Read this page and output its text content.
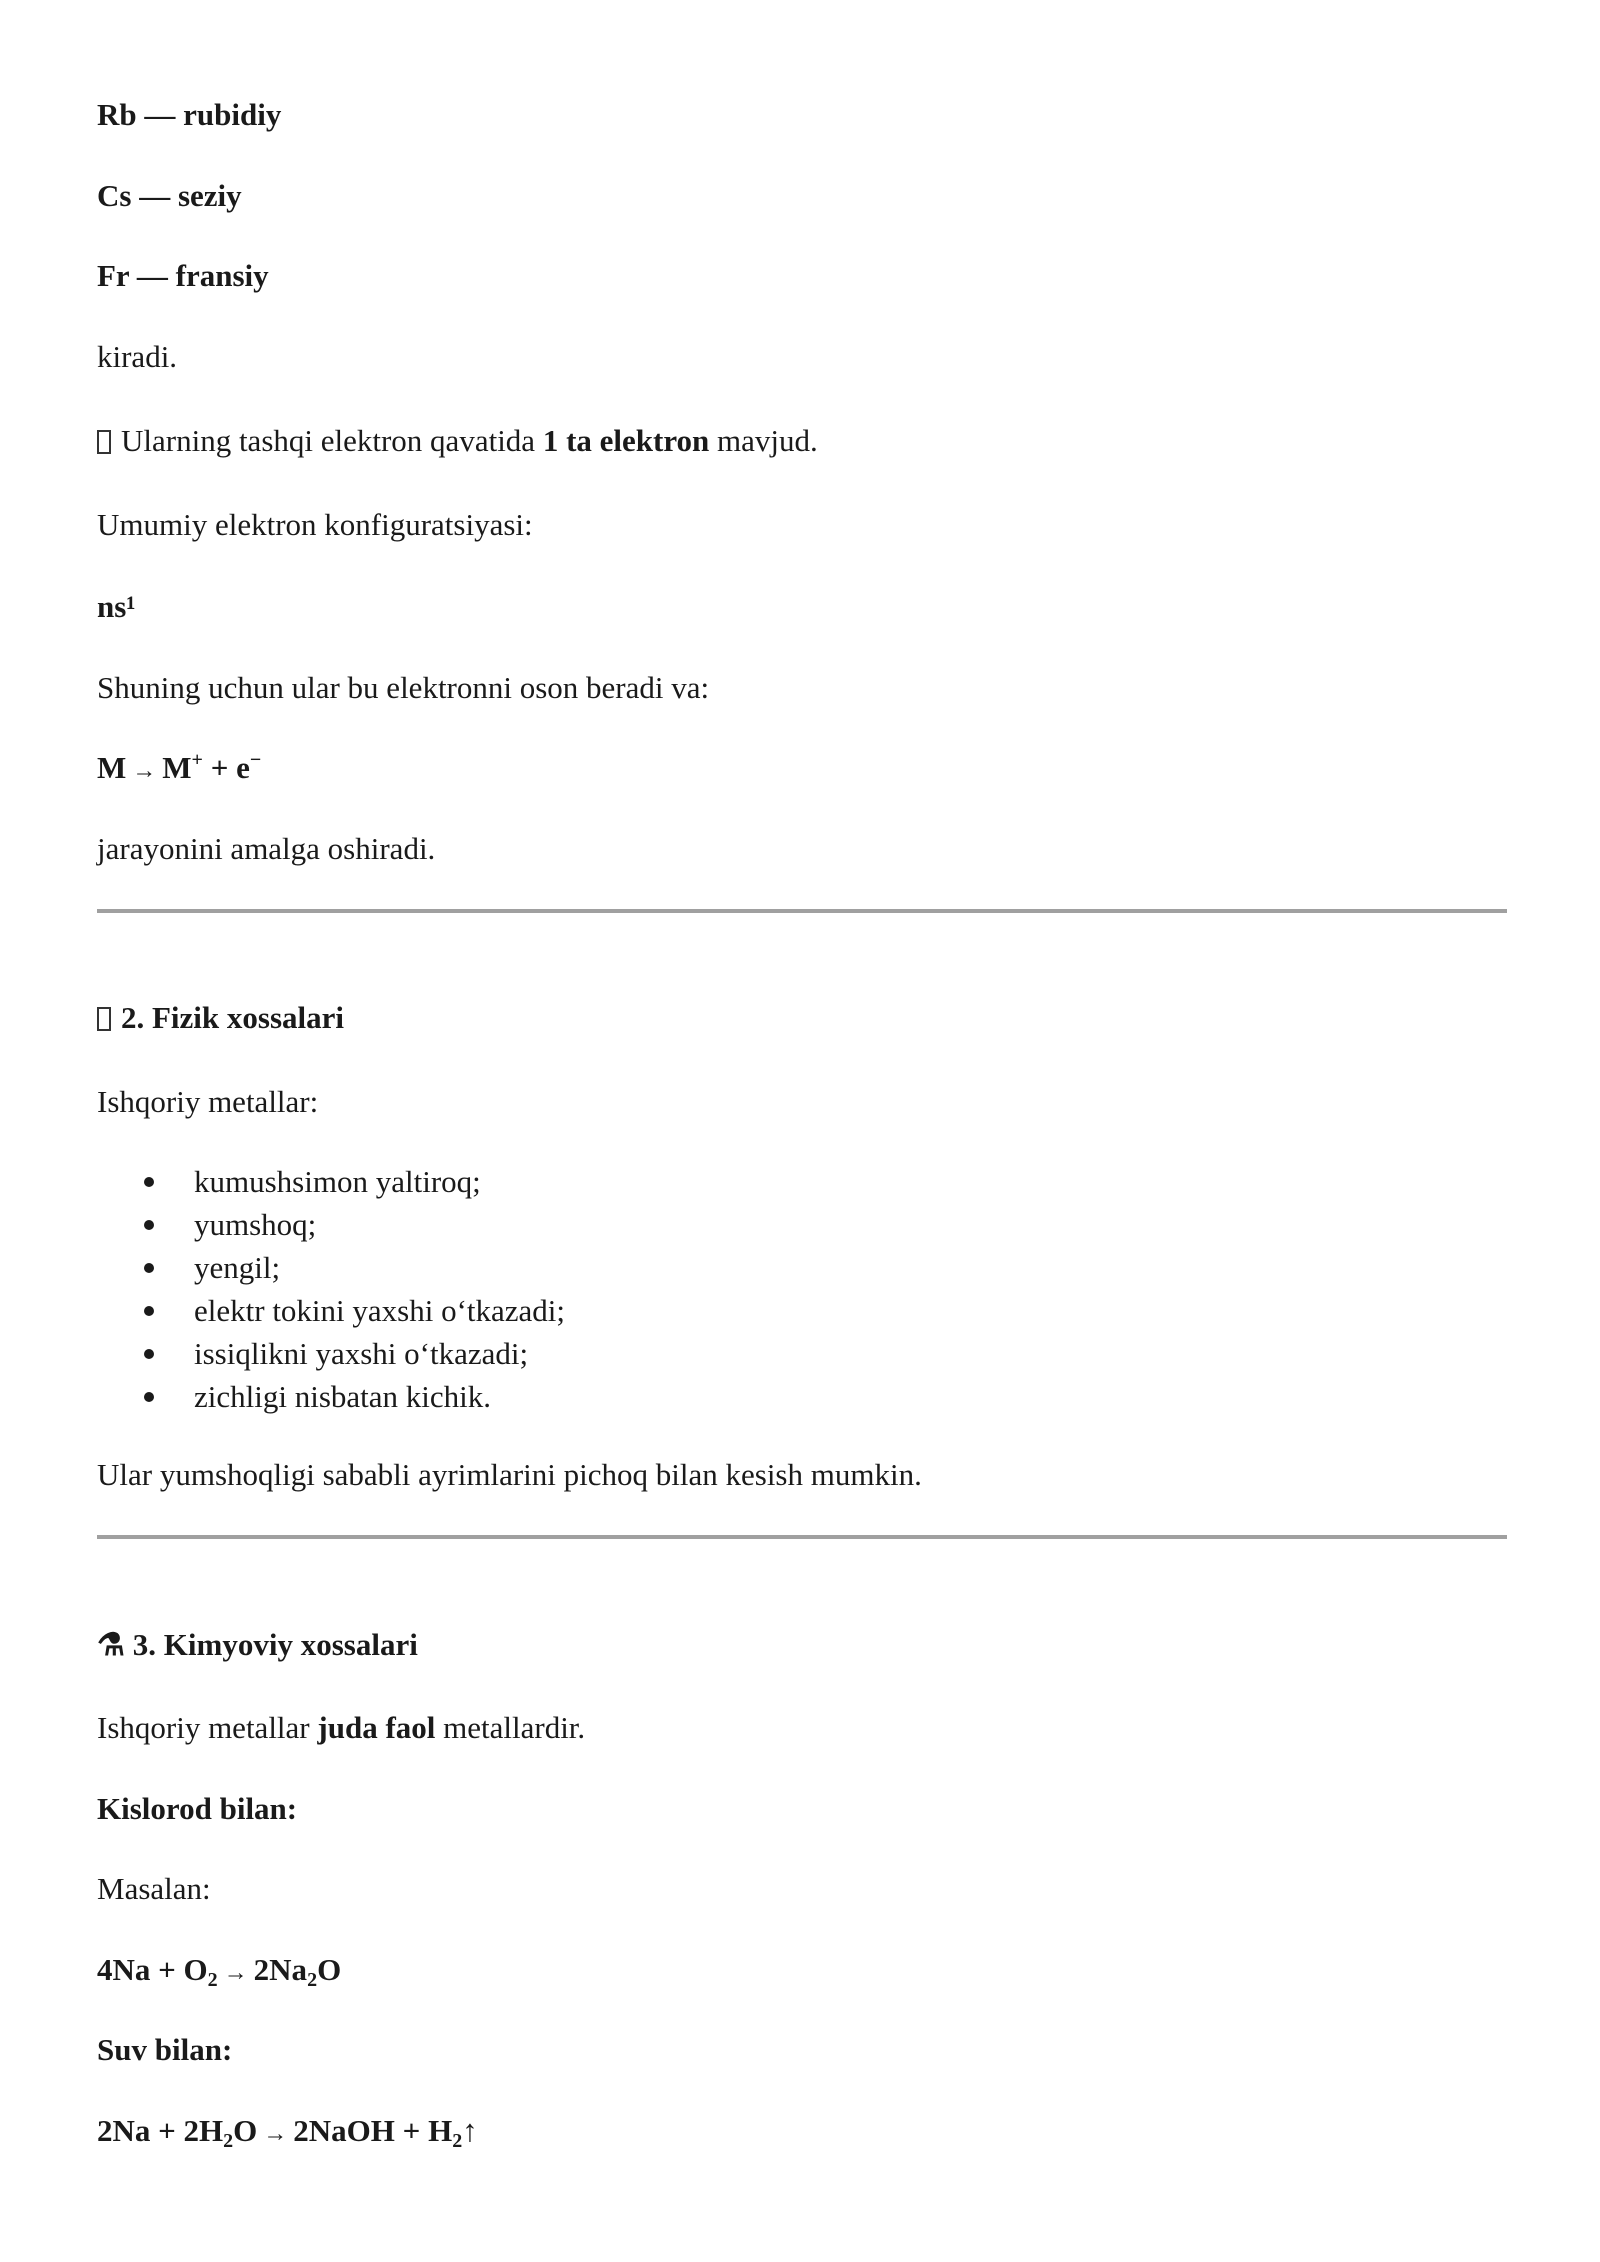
Rb — rubidiy
Cs — seziy
Fr — fransiy
kiradi.
Ularning tashqi elektron qavatida 1 ta elektron mavjud.
Umumiy elektron konfiguratsiyasi:
ns¹
Shuning uchun ular bu elektronni oson beradi va:
M → M+ + e−
jarayonini amalga oshiradi.
2. Fizik xossalari
Ishqoriy metallar:
kumushsimon yaltiroq;
yumshoq;
yengil;
elektr tokini yaxshi o‘tkazadi;
issiqlikni yaxshi o‘tkazadi;
zichligi nisbatan kichik.
Ular yumshoqligi sababli ayrimlarini pichoq bilan kesish mumkin.
⚗ 3. Kimyoviy xossalari
Ishqoriy metallar juda faol metallardir.
Kislorod bilan:
Masalan:
$4Na + O_2 \to 2Na_2O$
Suv bilan:
$2Na + 2H_2O$ → 2NaOH + $H_2↑$
